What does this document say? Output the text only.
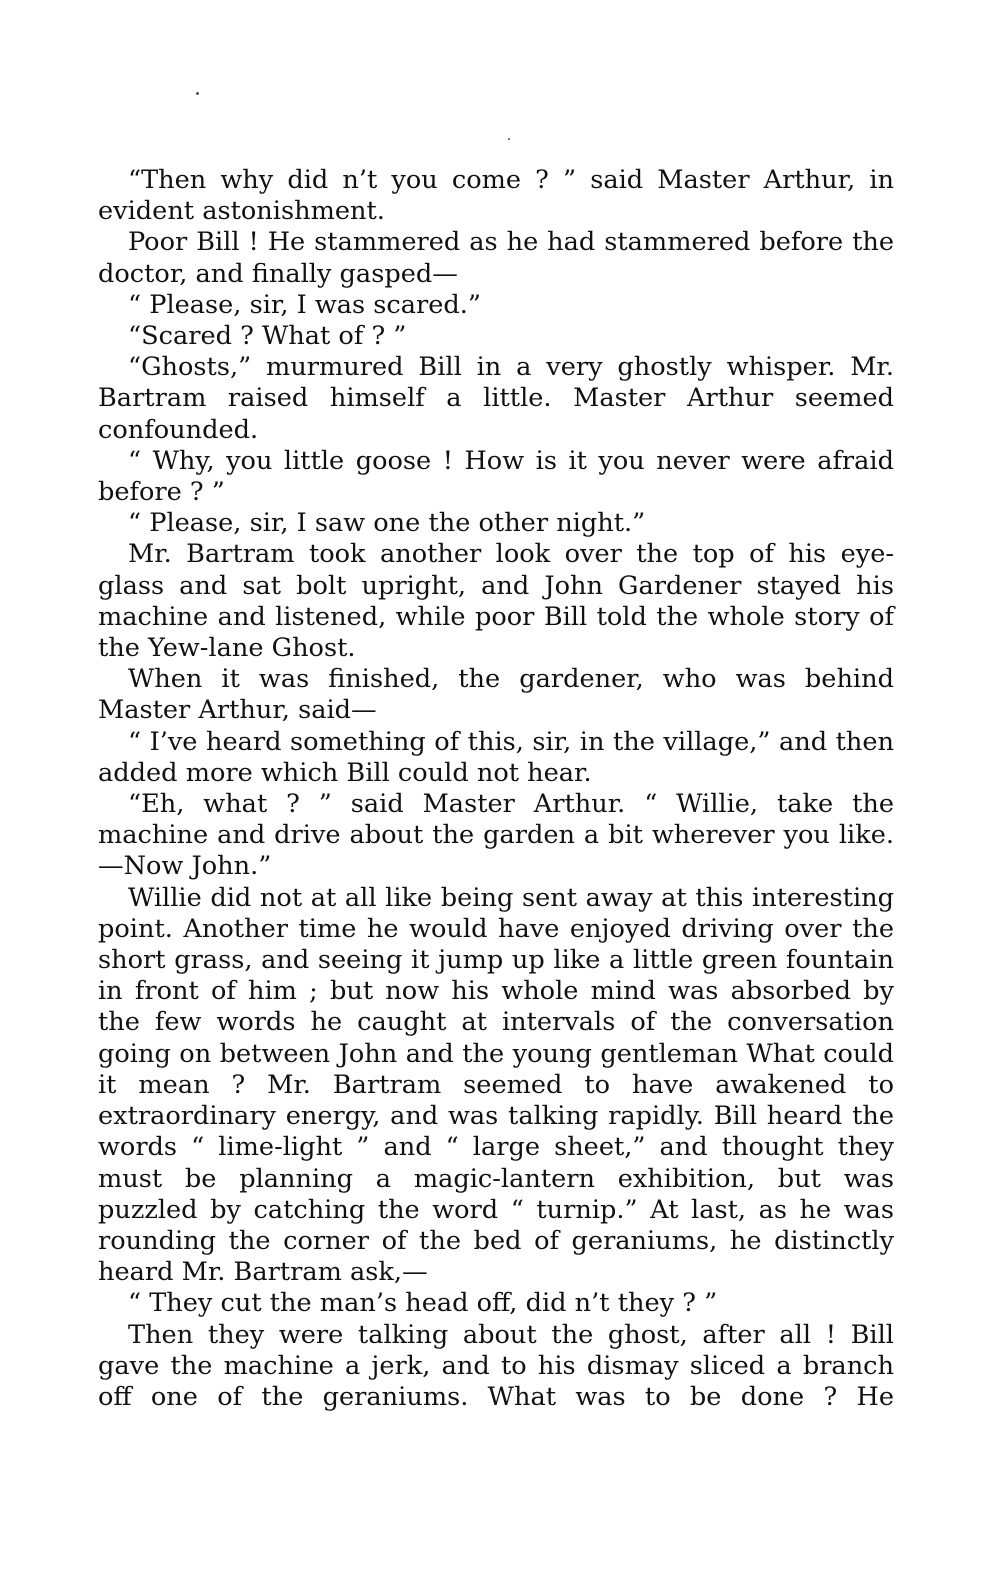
“Then why did n’t you come ? ” said Master Arthur, in evident astonishment.

Poor Bill ! He stammered as he had stammered before the doctor, and finally gasped—

“ Please, sir, I was scared.”

“Scared ? What of ? ”

“Ghosts,” murmured Bill in a very ghostly whisper. Mr. Bartram raised himself a little. Master Arthur seemed confounded.

“ Why, you little goose ! How is it you never were afraid before ? ”

“ Please, sir, I saw one the other night.”

Mr. Bartram took another look over the top of his eye-glass and sat bolt upright, and John Gardener stayed his machine and listened, while poor Bill told the whole story of the Yew-lane Ghost.

When it was finished, the gardener, who was behind Master Arthur, said—

“ I’ve heard something of this, sir, in the village,” and then added more which Bill could not hear.

“Eh, what ? ” said Master Arthur. “ Willie, take the machine and drive about the garden a bit wherever you like.—Now John.”

Willie did not at all like being sent away at this interesting point. Another time he would have enjoyed driving over the short grass, and seeing it jump up like a little green fountain in front of him ; but now his whole mind was absorbed by the few words he caught at intervals of the conversation going on between John and the young gentleman What could it mean ? Mr. Bartram seemed to have awakened to extraordinary energy, and was talking rapidly. Bill heard the words “ lime-light ” and “ large sheet,” and thought they must be planning a magic-lantern exhibition, but was puzzled by catching the word “ turnip.” At last, as he was rounding the corner of the bed of geraniums, he distinctly heard Mr. Bartram ask,—

“ They cut the man’s head off, did n’t they ? ”

Then they were talking about the ghost, after all ! Bill gave the machine a jerk, and to his dismay sliced a branch off one of the geraniums. What was to be done ? He
